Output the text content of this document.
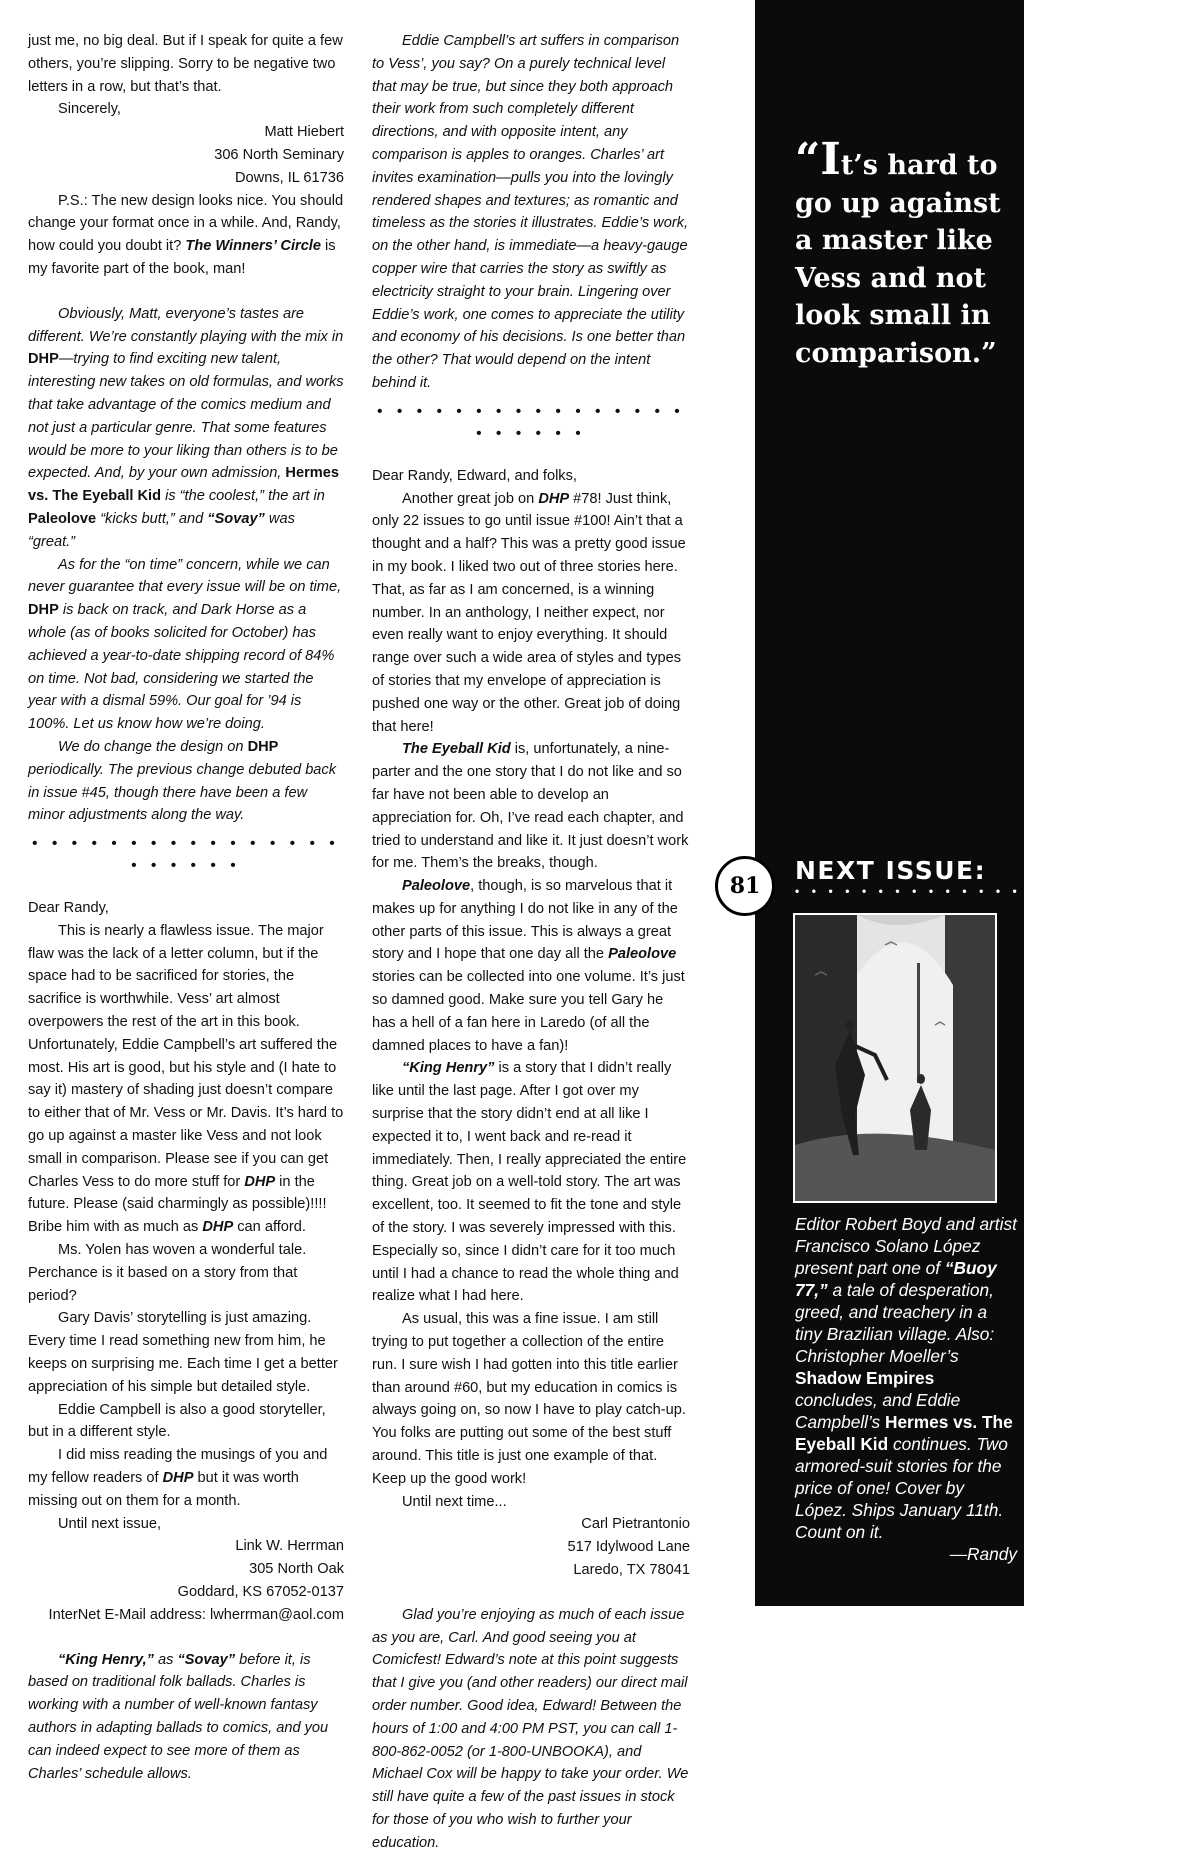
just me, no big deal. But if I speak for quite a few others, you’re slipping. Sorry to be negative two letters in a row, but that’s that.

Sincerely,

Matt Hiebert

306 North Seminary

Downs, IL 61736

P.S.: The new design looks nice. You should change your format once in a while. And, Randy, how could you doubt it? The Winners’ Circle is my favorite part of the book, man!

Obviously, Matt, everyone’s tastes are different. We’re constantly playing with the mix in DHP—trying to find exciting new talent, interesting new takes on old formulas, and works that take advantage of the comics medium and not just a particular genre. That some features would be more to your liking than others is to be expected. And, by your own admission, Hermes vs. The Eyeball Kid is “the coolest,” the art in Paleolove “kicks butt,” and “Sovay” was “great.”

As for the “on time” concern, while we can never guarantee that every issue will be on time, DHP is back on track, and Dark Horse as a whole (as of books solicited for October) has achieved a year-to-date shipping record of 84% on time. Not bad, considering we started the year with a dismal 59%. Our goal for ’94 is 100%. Let us know how we’re doing.

We do change the design on DHP periodically. The previous change debuted back in issue #45, though there have been a few minor adjustments along the way.

• • • • • • • • • • • • • • • • • • • • • •

Dear Randy,

This is nearly a flawless issue. The major flaw was the lack of a letter column, but if the space had to be sacrificed for stories, the sacrifice is worthwhile. Vess’ art almost overpowers the rest of the art in this book. Unfortunately, Eddie Campbell’s art suffered the most. His art is good, but his style and (I hate to say it) mastery of shading just doesn’t compare to either that of Mr. Vess or Mr. Davis. It’s hard to go up against a master like Vess and not look small in comparison. Please see if you can get Charles Vess to do more stuff for DHP in the future. Please (said charmingly as possible)!!!! Bribe him with as much as DHP can afford.

Ms. Yolen has woven a wonderful tale. Perchance is it based on a story from that period?

Gary Davis’ storytelling is just amazing. Every time I read something new from him, he keeps on surprising me. Each time I get a better appreciation of his simple but detailed style.

Eddie Campbell is also a good storyteller, but in a different style.

I did miss reading the musings of you and my fellow readers of DHP but it was worth missing out on them for a month.

Until next issue,

Link W. Herrman

305 North Oak

Goddard, KS 67052-0137

InterNet E-Mail address: lwherrman@aol.com

“King Henry,” as “Sovay” before it, is based on traditional folk ballads. Charles is working with a number of well-known fantasy authors in adapting ballads to comics, and you can indeed expect to see more of them as Charles’ schedule allows.

Eddie Campbell’s art suffers in comparison to Vess’, you say? On a purely technical level that may be true, but since they both approach their work from such completely different directions, and with opposite intent, any comparison is apples to oranges. Charles’ art invites examination—pulls you into the lovingly rendered shapes and textures; as romantic and timeless as the stories it illustrates. Eddie’s work, on the other hand, is immediate—a heavy-gauge copper wire that carries the story as swiftly as electricity straight to your brain. Lingering over Eddie’s work, one comes to appreciate the utility and economy of his decisions. Is one better than the other? That would depend on the intent behind it.

• • • • • • • • • • • • • • • • • • • • • •

Dear Randy, Edward, and folks,

Another great job on DHP #78! Just think, only 22 issues to go until issue #100! Ain’t that a thought and a half? This was a pretty good issue in my book. I liked two out of three stories here. That, as far as I am concerned, is a winning number. In an anthology, I neither expect, nor even really want to enjoy everything. It should range over such a wide area of styles and types of stories that my envelope of appreciation is pushed one way or the other. Great job of doing that here!

The Eyeball Kid is, unfortunately, a nine-parter and the one story that I do not like and so far have not been able to develop an appreciation for. Oh, I’ve read each chapter, and tried to understand and like it. It just doesn’t work for me. Them’s the breaks, though.

Paleolove, though, is so marvelous that it makes up for anything I do not like in any of the other parts of this issue. This is always a great story and I hope that one day all the Paleolove stories can be collected into one volume. It’s just so damned good. Make sure you tell Gary he has a hell of a fan here in Laredo (of all the damned places to have a fan)!

“King Henry” is a story that I didn’t really like until the last page. After I got over my surprise that the story didn’t end at all like I expected it to, I went back and re-read it immediately. Then, I really appreciated the entire thing. Great job on a well-told story. The art was excellent, too. It seemed to fit the tone and style of the story. I was severely impressed with this. Especially so, since I didn’t care for it too much until I had a chance to read the whole thing and realize what I had here.

As usual, this was a fine issue. I am still trying to put together a collection of the entire run. I sure wish I had gotten into this title earlier than around #60, but my education in comics is always going on, so now I have to play catch-up. You folks are putting out some of the best stuff around. This title is just one example of that. Keep up the good work!

Until next time...

Carl Pietrantonio

517 Idylwood Lane

Laredo, TX 78041

Glad you’re enjoying as much of each issue as you are, Carl. And good seeing you at Comicfest! Edward’s note at this point suggests that I give you (and other readers) our direct mail order number. Good idea, Edward! Between the hours of 1:00 and 4:00 PM PST, you can call 1-800-862-0052 (or 1-800-UNBOOKA), and Michael Cox will be happy to take your order. We still have quite a few of the past issues in stock for those of you who wish to further your education.

“It’s hard to go up against a master like Vess and not look small in comparison.”
81
NEXT ISSUE:
• • • • • • • • • • • • • • • • • • • • • • • •
Editor Robert Boyd and artist Francisco Solano López present part one of “Buoy 77,” a tale of desperation, greed, and treachery in a tiny Brazilian village. Also: Christopher Moeller’s Shadow Empires concludes, and Eddie Campbell’s Hermes vs. The Eyeball Kid continues. Two armored-suit stories for the price of one! Cover by López. Ships January 11th. Count on it.
—Randy
